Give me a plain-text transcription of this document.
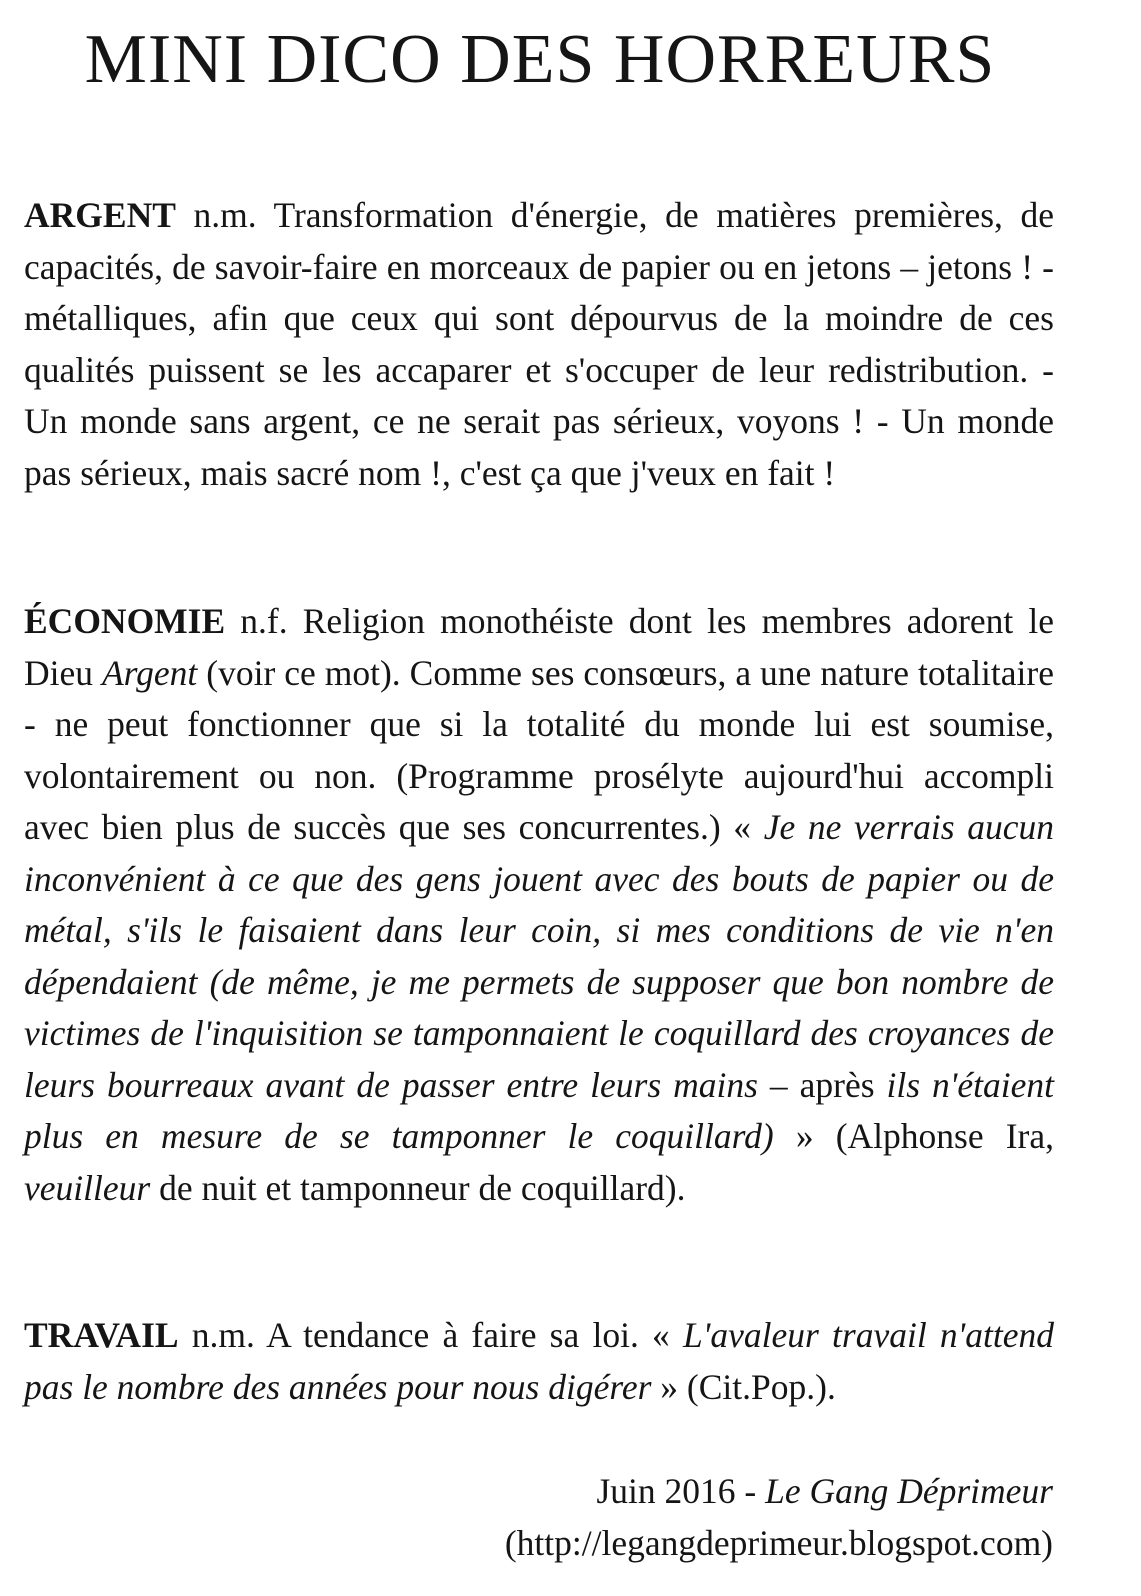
MINI DICO DES HORREURS

ARGENT n.m. Transformation d'énergie, de matières premières, de capacités, de savoir-faire en morceaux de papier ou en jetons – jetons ! - métalliques, afin que ceux qui sont dépourvus de la moindre de ces qualités puissent se les accaparer et s'occuper de leur redistribution. - Un monde sans argent, ce ne serait pas sérieux, voyons ! - Un monde pas sérieux, mais sacré nom !, c'est ça que j'veux en fait !

ÉCONOMIE n.f. Religion monothéiste dont les membres adorent le Dieu Argent (voir ce mot). Comme ses consœurs, a une nature totalitaire - ne peut fonctionner que si la totalité du monde lui est soumise, volontairement ou non. (Programme prosélyte aujourd'hui accompli avec bien plus de succès que ses concurrentes.) « Je ne verrais aucun inconvénient à ce que des gens jouent avec des bouts de papier ou de métal, s'ils le faisaient dans leur coin, si mes conditions de vie n'en dépendaient (de même, je me permets de supposer que bon nombre de victimes de l'inquisition se tamponnaient le coquillard des croyances de leurs bourreaux avant de passer entre leurs mains – après ils n'étaient plus en mesure de se tamponner le coquillard) » (Alphonse Ira, veuilleur de nuit et tamponneur de coquillard).

TRAVAIL n.m. A tendance à faire sa loi. « L'avaleur travail n'attend pas le nombre des années pour nous digérer » (Cit.Pop.).

Juin 2016 - Le Gang Déprimeur
(http://legangdeprimeur.blogspot.com)
